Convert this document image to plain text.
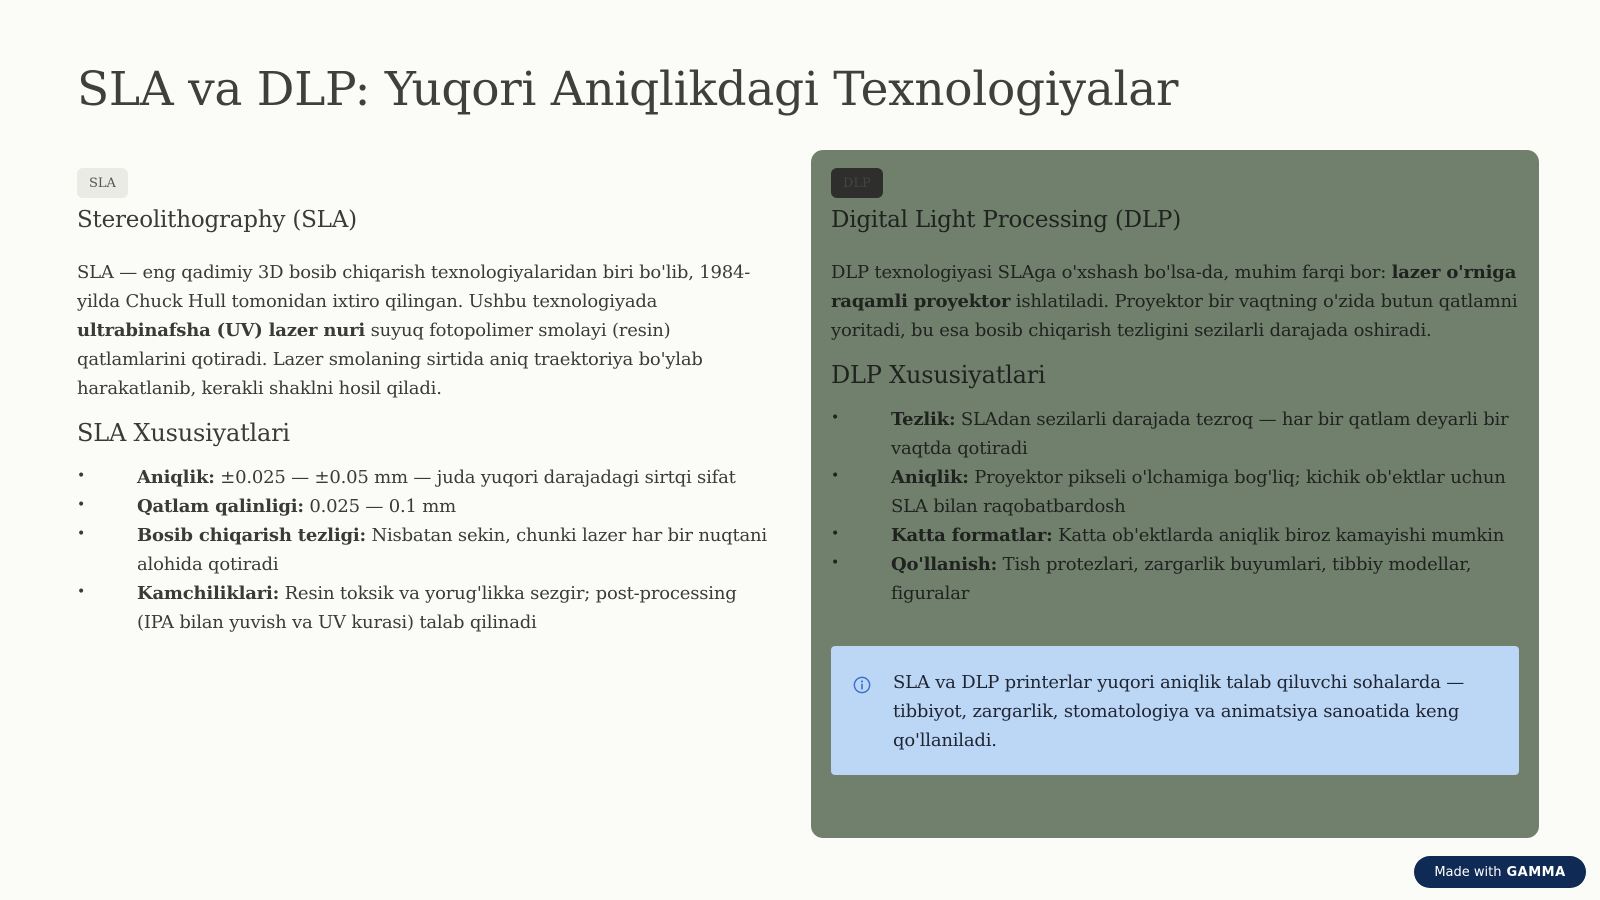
SLA va DLP: Yuqori Aniqlikdagi Texnologiyalar
SLA
Stereolithography (SLA)

SLA — eng qadimiy 3D bosib chiqarish texnologiyalaridan biri bo'lib, 1984-yilda Chuck Hull tomonidan ixtiro qilingan. Ushbu texnologiyada ultrabinafsha (UV) lazer nuri suyuq fotopolimer smolayi (resin) qatlamlarini qotiradi. Lazer smolaning sirtida aniq traektoriya bo'ylab harakatlanib, kerakli shaklni hosil qiladi.

SLA Xususiyatlari
•	Aniqlik: ±0.025 — ±0.05 mm — juda yuqori darajadagi sirtqi sifat
•	Qatlam qalinligi: 0.025 — 0.1 mm
•	Bosib chiqarish tezligi: Nisbatan sekin, chunki lazer har bir nuqtani alohida qotiradi
•	Kamchiliklari: Resin toksik va yorug'likka sezgir; post-processing (IPA bilan yuvish va UV kurasi) talab qilinadi
DLP
Digital Light Processing (DLP)

DLP texnologiyasi SLAga o'xshash bo'lsa-da, muhim farqi bor: lazer o'rniga raqamli proyektor ishlatiladi. Proyektor bir vaqtning o'zida butun qatlamni yoritadi, bu esa bosib chiqarish tezligini sezilarli darajada oshiradi.

DLP Xususiyatlari
•	Tezlik: SLAdan sezilarli darajada tezroq — har bir qatlam deyarli bir vaqtda qotiradi
•	Aniqlik: Proyektor pikseli o'lchamiga bog'liq; kichik ob'ektlar uchun SLA bilan raqobatbardosh
•	Katta formatlar: Katta ob'ektlarda aniqlik biroz kamayishi mumkin
•	Qo'llanish: Tish protezlari, zargarlik buyumlari, tibbiy modellar, figuralar
SLA va DLP printerlar yuqori aniqlik talab qiluvchi sohalarda — tibbiyot, zargarlik, stomatologiya va animatsiya sanoatida keng qo'llaniladi.
Made with GAMMA
